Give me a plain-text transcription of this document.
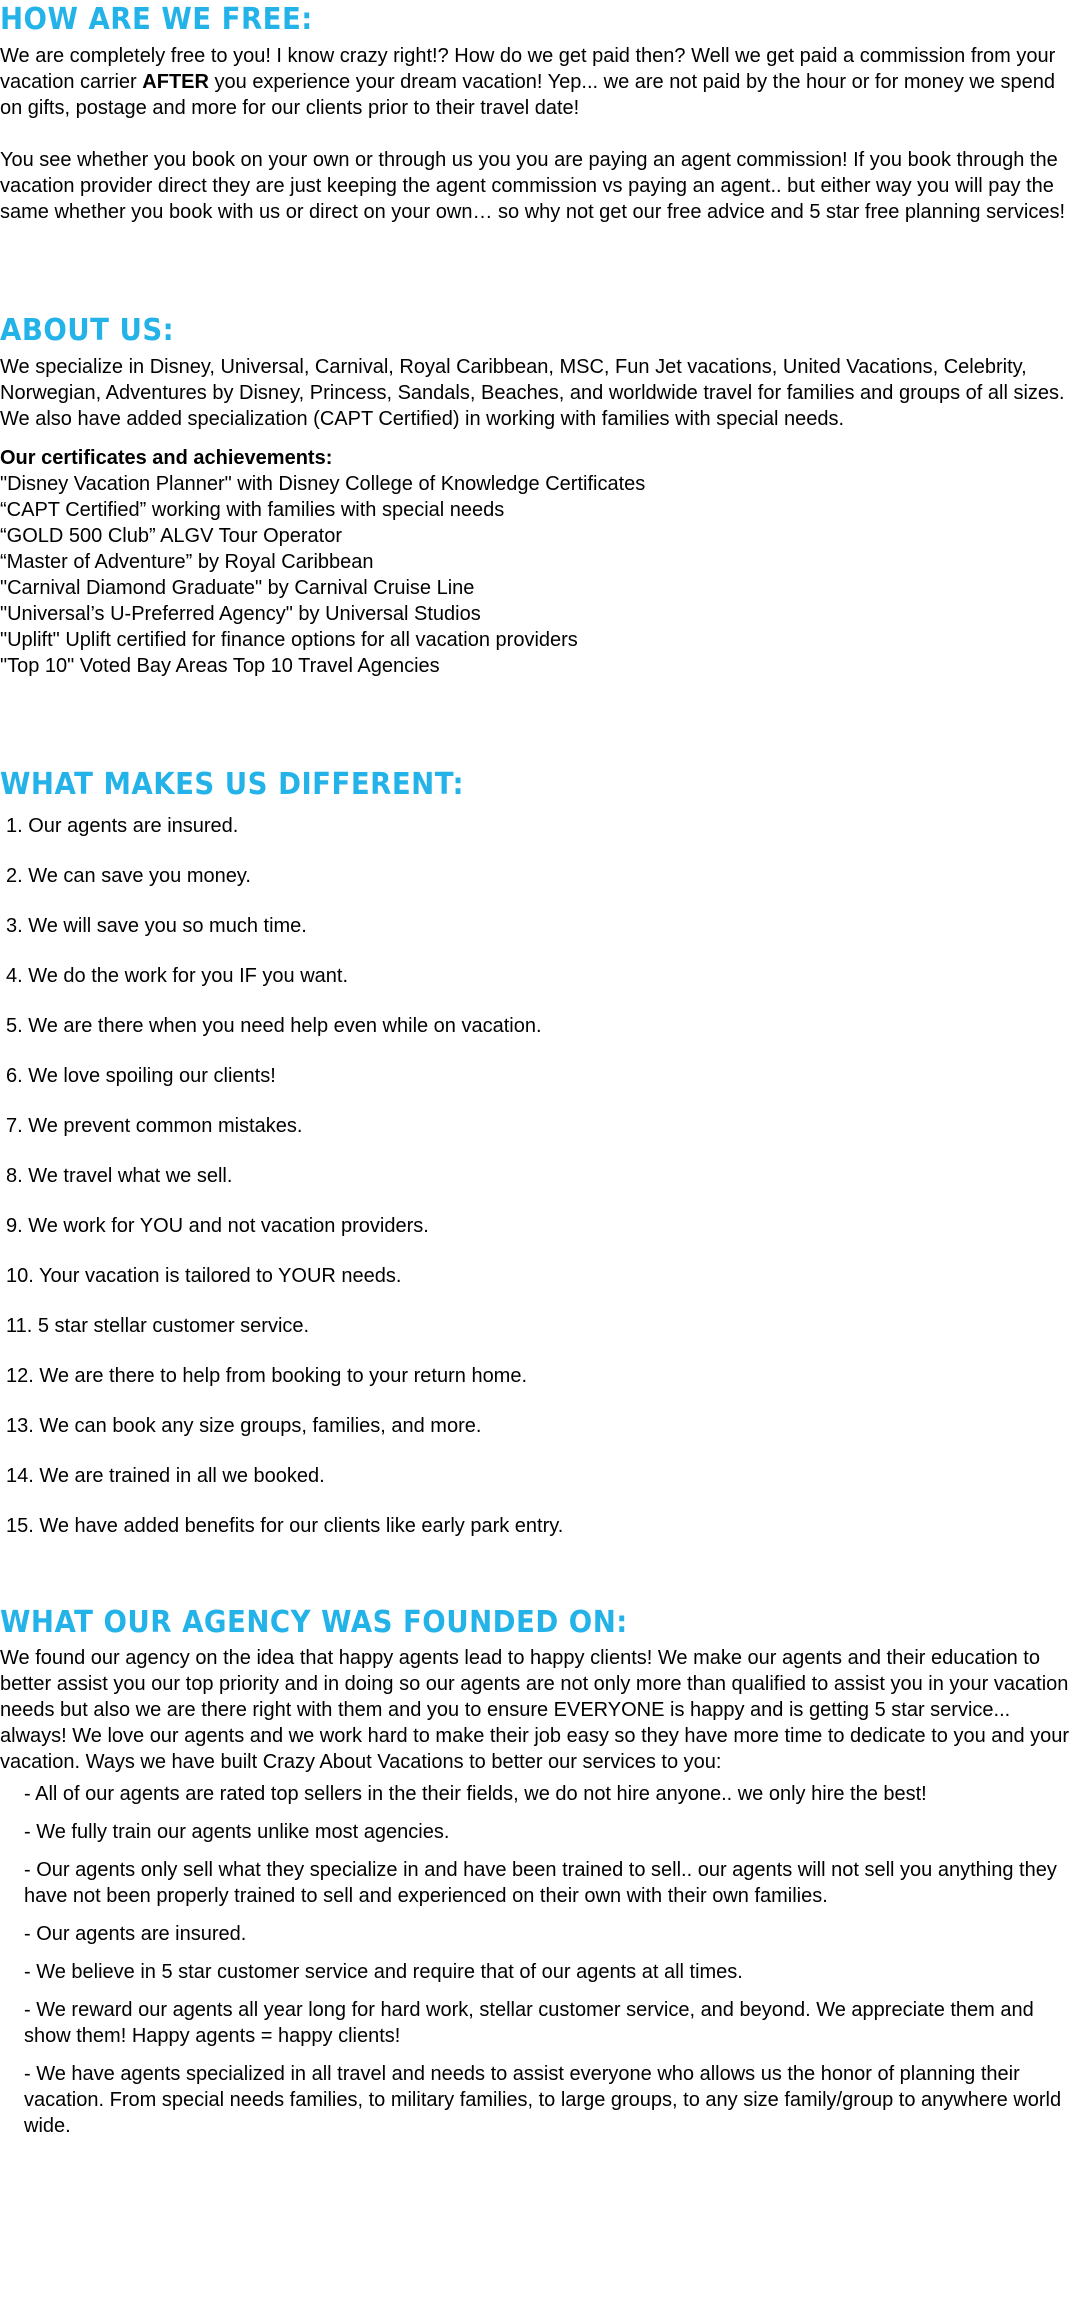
HOW ARE WE FREE:

We are completely free to you! I know crazy right!? How do we get paid then? Well we get paid a commission from your vacation carrier AFTER you experience your dream vacation! Yep... we are not paid by the hour or for money we spend on gifts, postage and more for our clients prior to their travel date!

You see whether you book on your own or through us you you are paying an agent commission! If you book through the vacation provider direct they are just keeping the agent commission vs paying an agent.. but either way you will pay the same whether you book with us or direct on your own… so why not get our free advice and 5 star free planning services!

ABOUT US:

We specialize in Disney, Universal, Carnival, Royal Caribbean, MSC, Fun Jet vacations, United Vacations, Celebrity, Norwegian, Adventures by Disney, Princess, Sandals, Beaches, and worldwide travel for families and groups of all sizes. We also have added specialization (CAPT Certified) in working with families with special needs.

Our certificates and achievements:
"Disney Vacation Planner" with Disney College of Knowledge Certificates
“CAPT Certified” working with families with special needs
“GOLD 500 Club” ALGV Tour Operator
“Master of Adventure” by Royal Caribbean
"Carnival Diamond Graduate" by Carnival Cruise Line
"Universal’s U-Preferred Agency" by Universal Studios
"Uplift" Uplift certified for finance options for all vacation providers
"Top 10" Voted Bay Areas Top 10 Travel Agencies
WHAT MAKES US DIFFERENT:
1. Our agents are insured.
2. We can save you money.
3. We will save you so much time.
4. We do the work for you IF you want.
5. We are there when you need help even while on vacation.
6. We love spoiling our clients!
7. We prevent common mistakes.
8. We travel what we sell.
9. We work for YOU and not vacation providers.
10. Your vacation is tailored to YOUR needs.
11. 5 star stellar customer service.
12. We are there to help from booking to your return home.
13. We can book any size groups, families, and more.
14. We are trained in all we booked.
15. We have added benefits for our clients like early park entry.
WHAT OUR AGENCY WAS FOUNDED ON:

We found our agency on the idea that happy agents lead to happy clients! We make our agents and their education to better assist you our top priority and in doing so our agents are not only more than qualified to assist you in your vacation needs but also we are there right with them and you to ensure EVERYONE is happy and is getting 5 star service... always! We love our agents and we work hard to make their job easy so they have more time to dedicate to you and your vacation. Ways we have built Crazy About Vacations to better our services to you:

- All of our agents are rated top sellers in the their fields, we do not hire anyone.. we only hire the best!
- We fully train our agents unlike most agencies.
- Our agents only sell what they specialize in and have been trained to sell.. our agents will not sell you anything they have not been properly trained to sell and experienced on their own with their own families.
- Our agents are insured.
- We believe in 5 star customer service and require that of our agents at all times.
- We reward our agents all year long for hard work, stellar customer service, and beyond. We appreciate them and show them! Happy agents = happy clients!
- We have agents specialized in all travel and needs to assist everyone who allows us the honor of planning their vacation. From special needs families, to military families, to large groups, to any size family/group to anywhere world wide.
